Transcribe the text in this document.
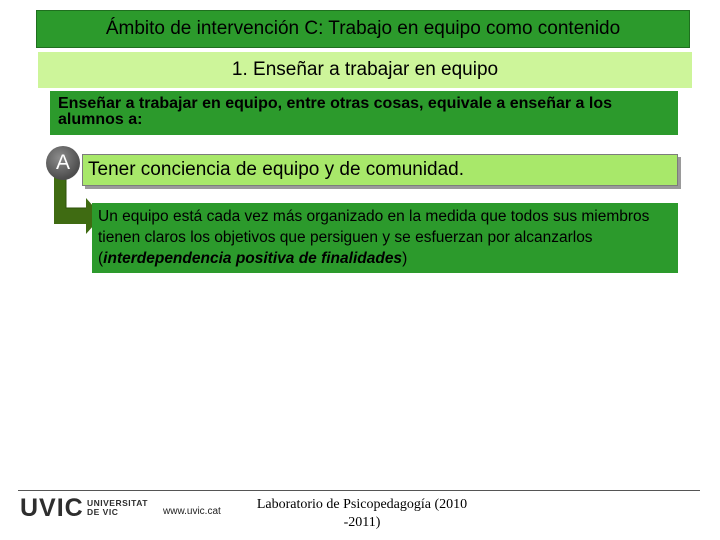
Ámbito de intervención C: Trabajo en equipo como contenido
1. Enseñar a trabajar en equipo
Enseñar a trabajar en equipo, entre otras cosas, equivale a enseñar a los alumnos a:
Tener conciencia de equipo y de comunidad.
A
Un equipo está cada vez más organizado en la medida que todos sus miembros tienen claros los objetivos que persiguen y se esfuerzan por alcanzarlos (interdependencia positiva de finalidades)
UVIC UNIVERSITAT
DE VIC	www.uvic.cat	Laboratorio de Psicopedagogía (2010 -2011)
